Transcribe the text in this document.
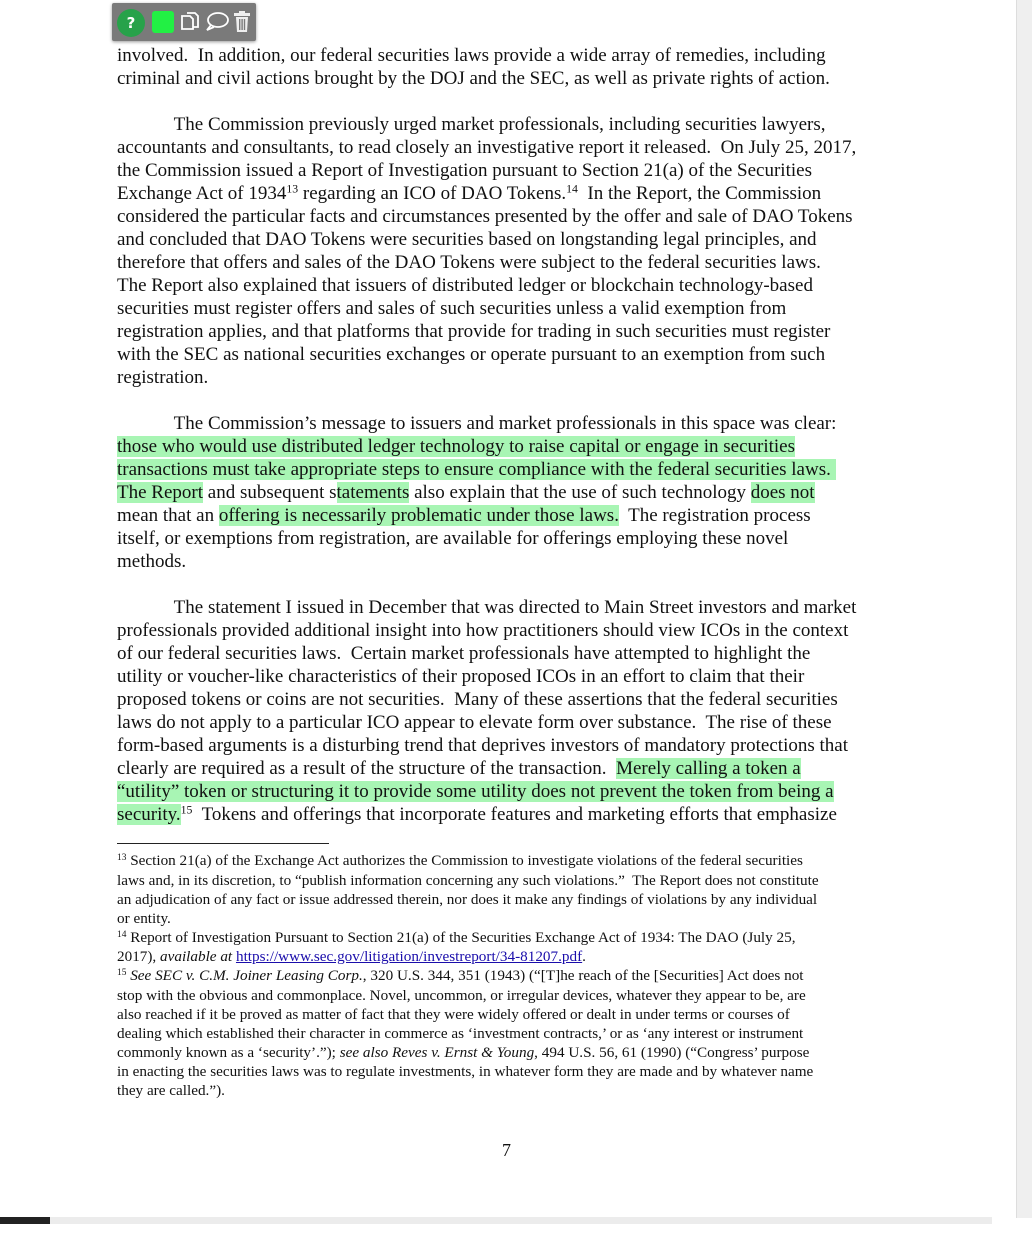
involved.  In addition, our federal securities laws provide a wide array of remedies, including
criminal and civil actions brought by the DOJ and the SEC, as well as private rights of action.
The Commission previously urged market professionals, including securities lawyers,
accountants and consultants, to read closely an investigative report it released.  On July 25, 2017,
the Commission issued a Report of Investigation pursuant to Section 21(a) of the Securities
Exchange Act of 1934$^{13}$ regarding an ICO of DAO Tokens.$^{14}$  In the Report, the Commission
considered the particular facts and circumstances presented by the offer and sale of DAO Tokens
and concluded that DAO Tokens were securities based on longstanding legal principles, and
therefore that offers and sales of the DAO Tokens were subject to the federal securities laws.
The Report also explained that issuers of distributed ledger or blockchain technology-based
securities must register offers and sales of such securities unless a valid exemption from
registration applies, and that platforms that provide for trading in such securities must register
with the SEC as national securities exchanges or operate pursuant to an exemption from such
registration.
The Commission’s message to issuers and market professionals in this space was clear:
those who would use distributed ledger technology to raise capital or engage in securities
transactions must take appropriate steps to ensure compliance with the federal securities laws.
The Report and subsequent statements also explain that the use of such technology does not
mean that an offering is necessarily problematic under those laws.  The registration process
itself, or exemptions from registration, are available for offerings employing these novel
methods.
The statement I issued in December that was directed to Main Street investors and market
professionals provided additional insight into how practitioners should view ICOs in the context
of our federal securities laws.  Certain market professionals have attempted to highlight the
utility or voucher-like characteristics of their proposed ICOs in an effort to claim that their
proposed tokens or coins are not securities.  Many of these assertions that the federal securities
laws do not apply to a particular ICO appear to elevate form over substance.  The rise of these
form-based arguments is a disturbing trend that deprives investors of mandatory protections that
clearly are required as a result of the structure of the transaction.  Merely calling a token a
“utility” token or structuring it to provide some utility does not prevent the token from being a
security.$^{15}$  Tokens and offerings that incorporate features and marketing efforts that emphasize
$^{13}$ Section 21(a) of the Exchange Act authorizes the Commission to investigate violations of the federal securities
laws and, in its discretion, to “publish information concerning any such violations.”  The Report does not constitute
an adjudication of any fact or issue addressed therein, nor does it make any findings of violations by any individual
or entity.
$^{14}$ Report of Investigation Pursuant to Section 21(a) of the Securities Exchange Act of 1934: The DAO (July 25,
2017), available at https://www.sec.gov/litigation/investreport/34-81207.pdf.
$^{15}$ See SEC v. C.M. Joiner Leasing Corp., 320 U.S. 344, 351 (1943) (“[T]he reach of the [Securities] Act does not
stop with the obvious and commonplace. Novel, uncommon, or irregular devices, whatever they appear to be, are
also reached if it be proved as matter of fact that they were widely offered or dealt in under terms or courses of
dealing which established their character in commerce as ‘investment contracts,’ or as ‘any interest or instrument
commonly known as a ‘security’.”); see also Reves v. Ernst & Young, 494 U.S. 56, 61 (1990) (“Congress’ purpose
in enacting the securities laws was to regulate investments, in whatever form they are made and by whatever name
they are called.”).
7
?
